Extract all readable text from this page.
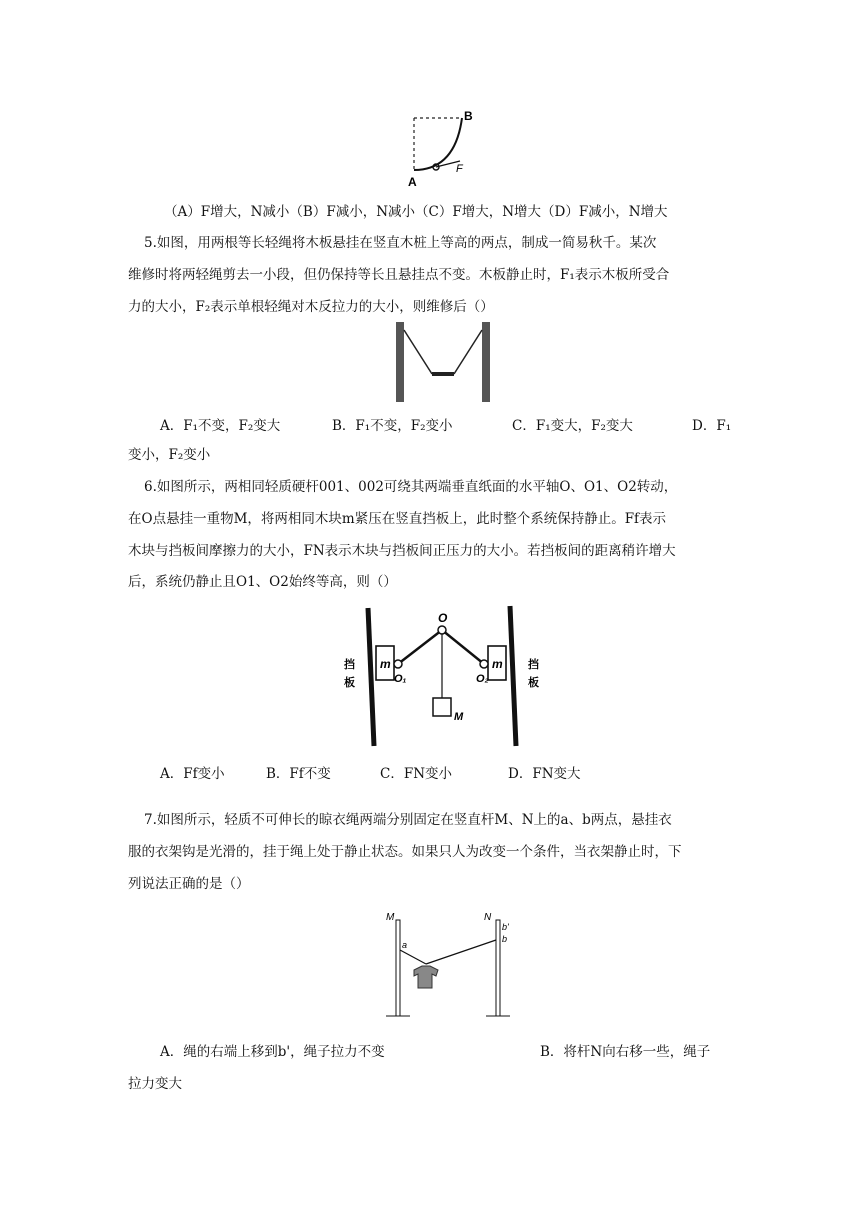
B
A
F
（A）F增大，N减小（B）F减小，N减小（C）F增大，N增大（D）F减小，N增大
5.如图，用两根等长轻绳将木板悬挂在竖直木桩上等高的两点，制成一简易秋千。某次
维修时将两轻绳剪去一小段，但仍保持等长且悬挂点不变。木板静止时，F₁表示木板所受合
力的大小，F₂表示单根轻绳对木反拉力的大小，则维修后（）
A．F₁不变，F₂变大	B．F₁不变，F₂变小	C．F₁变大，F₂变大	D．F₁
变小，F₂变小
6.如图所示，两相同轻质硬杆001、002可绕其两端垂直纸面的水平轴O、O1、O2转动，
在O点悬挂一重物M，将两相同木块m紧压在竖直挡板上，此时整个系统保持静止。Ff表示
木块与挡板间摩擦力的大小，FN表示木块与挡板间正压力的大小。若挡板间的距离稍许增大
后，系统仍静止且O1、O2始终等高，则（）
m	m
M
O
O₁	O₂
挡
板
挡
板
A．Ff变小	B．Ff不变	C．FN变小	D．FN变大
7.如图所示，轻质不可伸长的晾衣绳两端分别固定在竖直杆M、N上的a、b两点，悬挂衣
服的衣架钩是光滑的，挂于绳上处于静止状态。如果只人为改变一个条件，当衣架静止时，下
列说法正确的是（）
M	N
a
b'
b
A．绳的右端上移到b'，绳子拉力不变	B．将杆N向右移一些，绳子
拉力变大
